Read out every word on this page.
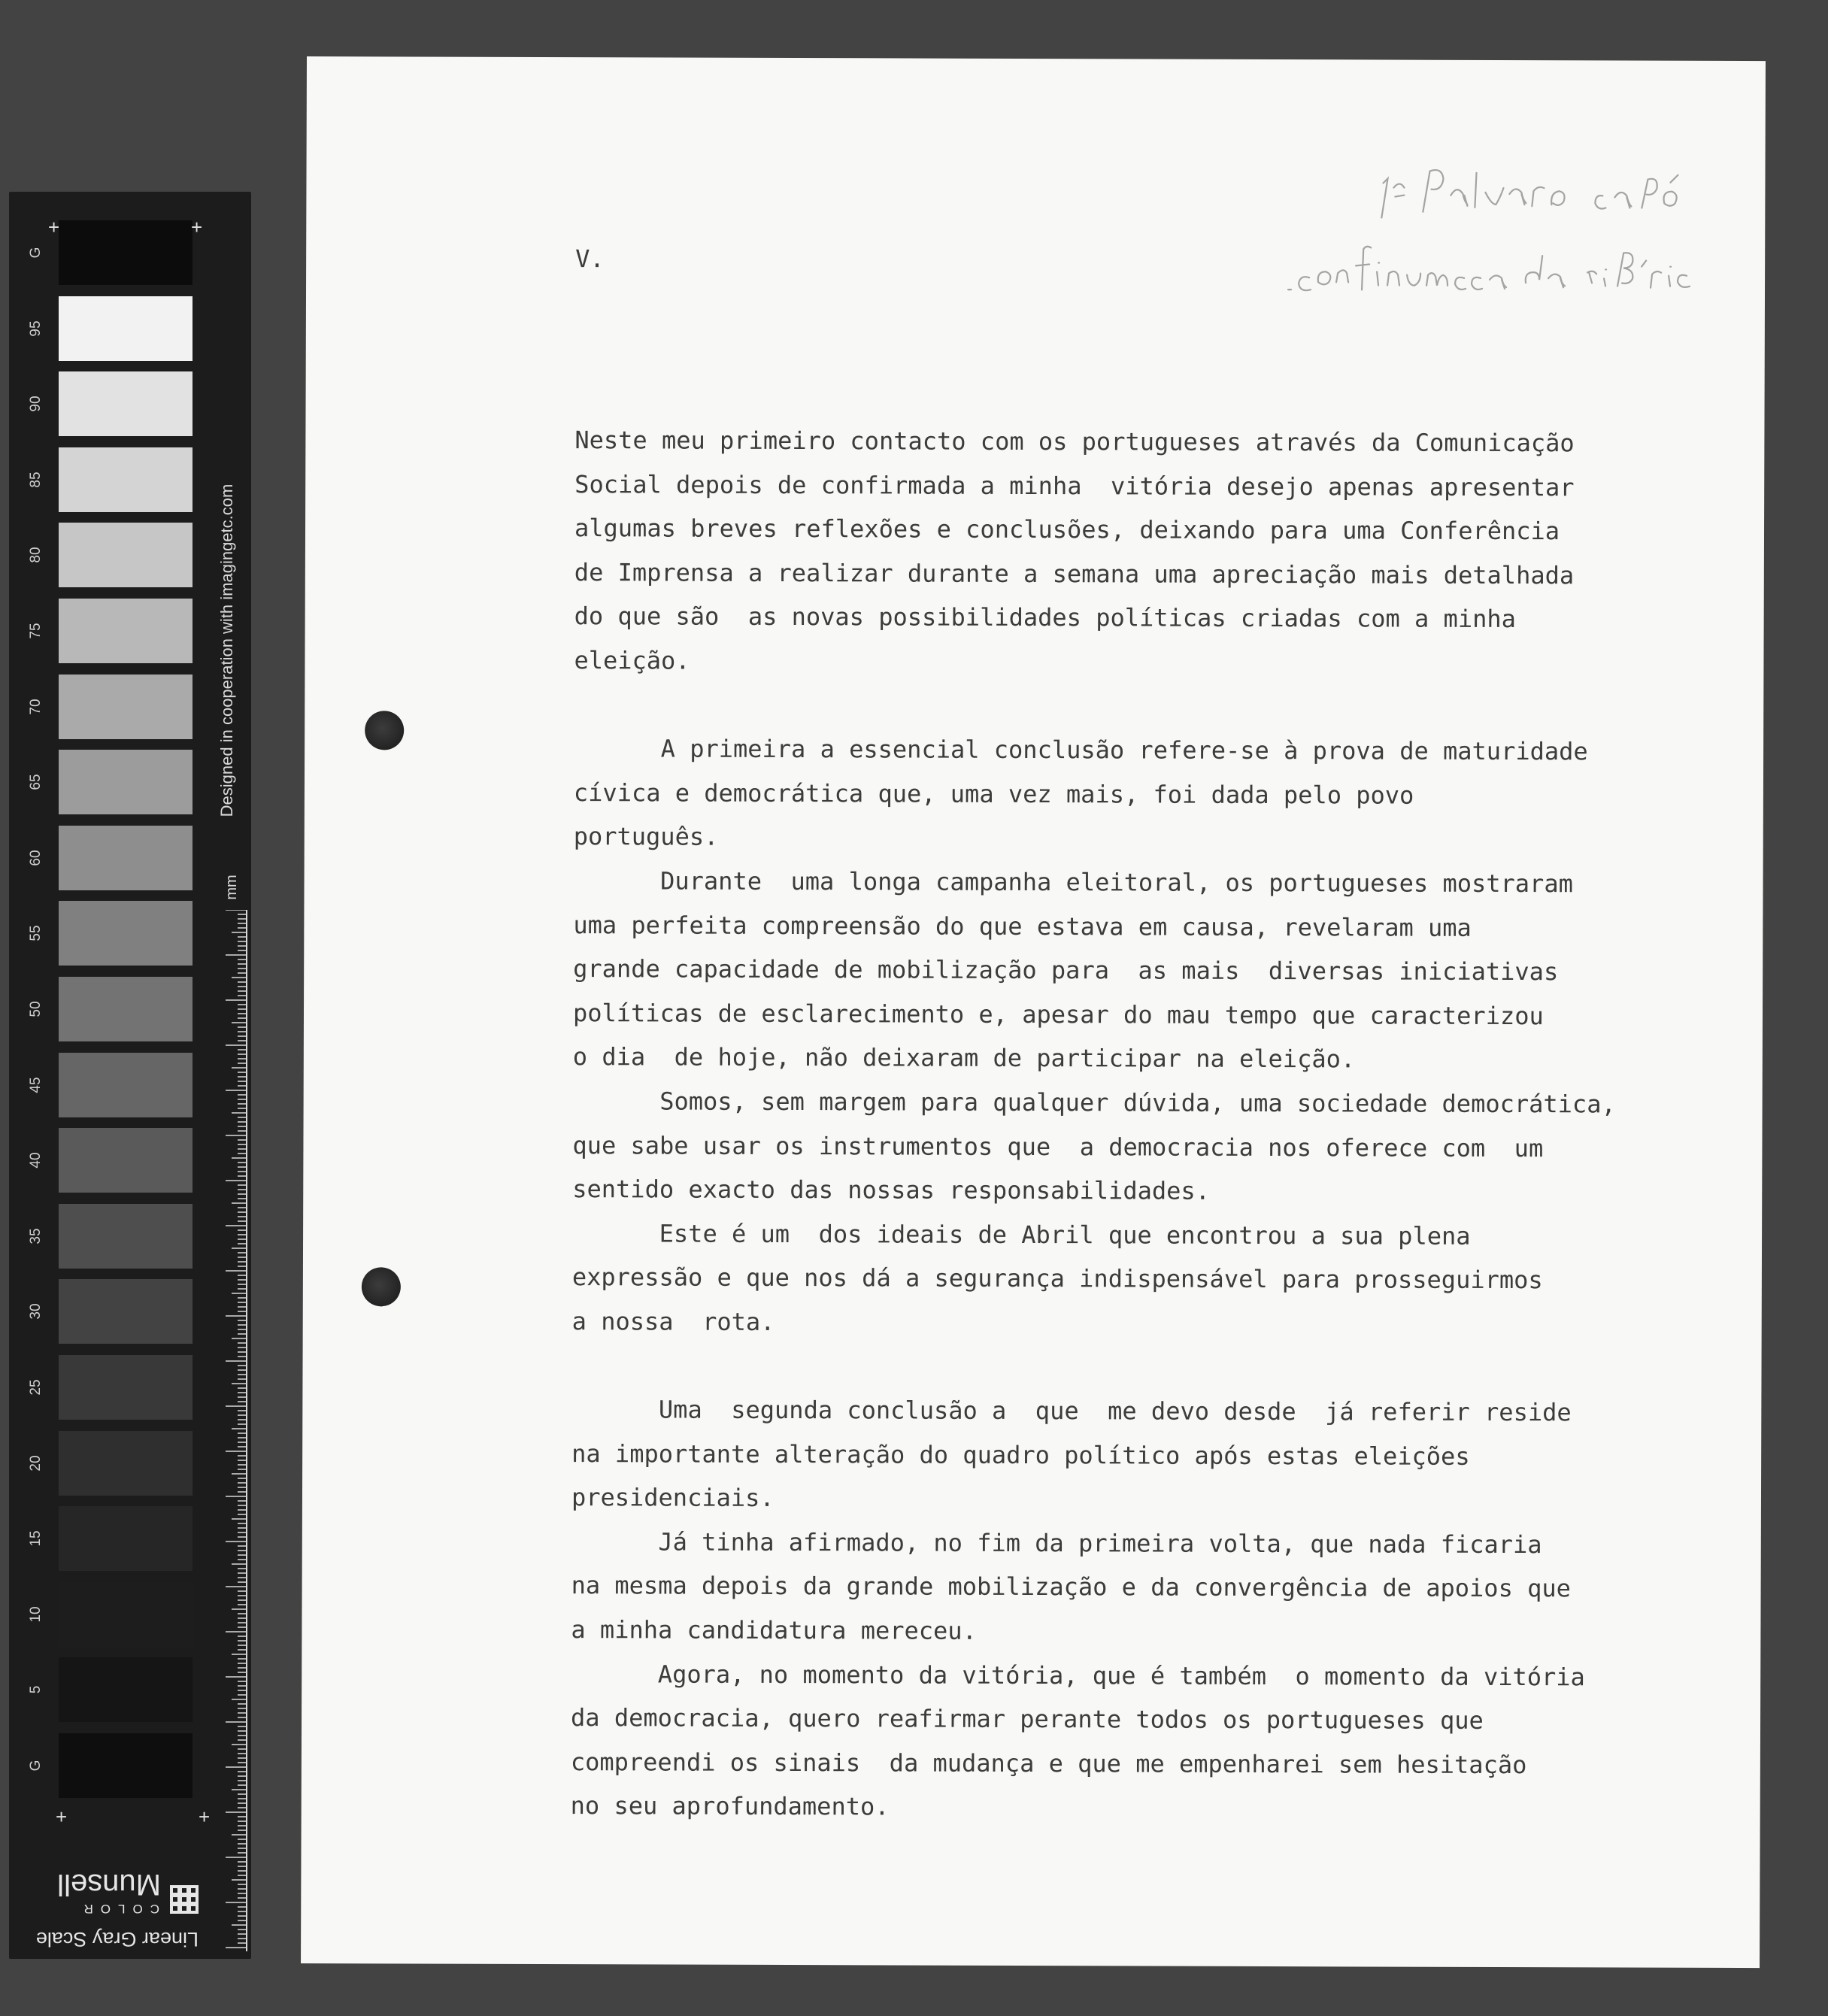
G
95
90
85
80
75
70
65
60
55
50
45
40
35
30
25
20
15
10
5
G
+	+
+	+
Designed in cooperation with imagingetc.com
mm
Linear Gray Scale
COLOR
Munsell
V.
Neste meu primeiro contacto com os portugueses através da Comunicação
Social depois de confirmada a minha  vitória desejo apenas apresentar
algumas breves reflexões e conclusões, deixando para uma Conferência
de Imprensa a realizar durante a semana uma apreciação mais detalhada
do que são  as novas possibilidades políticas criadas com a minha
eleição.
A primeira a essencial conclusão refere-se à prova de maturidade
cívica e democrática que, uma vez mais, foi dada pelo povo
português.
Durante  uma longa campanha eleitoral, os portugueses mostraram
uma perfeita compreensão do que estava em causa, revelaram uma
grande capacidade de mobilização para  as mais  diversas iniciativas
políticas de esclarecimento e, apesar do mau tempo que caracterizou
o dia  de hoje, não deixaram de participar na eleição.
Somos, sem margem para qualquer dúvida, uma sociedade democrática,
que sabe usar os instrumentos que  a democracia nos oferece com  um
sentido exacto das nossas responsabilidades.
Este é um  dos ideais de Abril que encontrou a sua plena
expressão e que nos dá a segurança indispensável para prosseguirmos
a nossa  rota.
Uma  segunda conclusão a  que  me devo desde  já referir reside
na importante alteração do quadro político após estas eleições
presidenciais.
Já tinha afirmado, no fim da primeira volta, que nada ficaria
na mesma depois da grande mobilização e da convergência de apoios que
a minha candidatura mereceu.
Agora, no momento da vitória, que é também  o momento da vitória
da democracia, quero reafirmar perante todos os portugueses que
compreendi os sinais  da mudança e que me empenharei sem hesitação
no seu aprofundamento.
